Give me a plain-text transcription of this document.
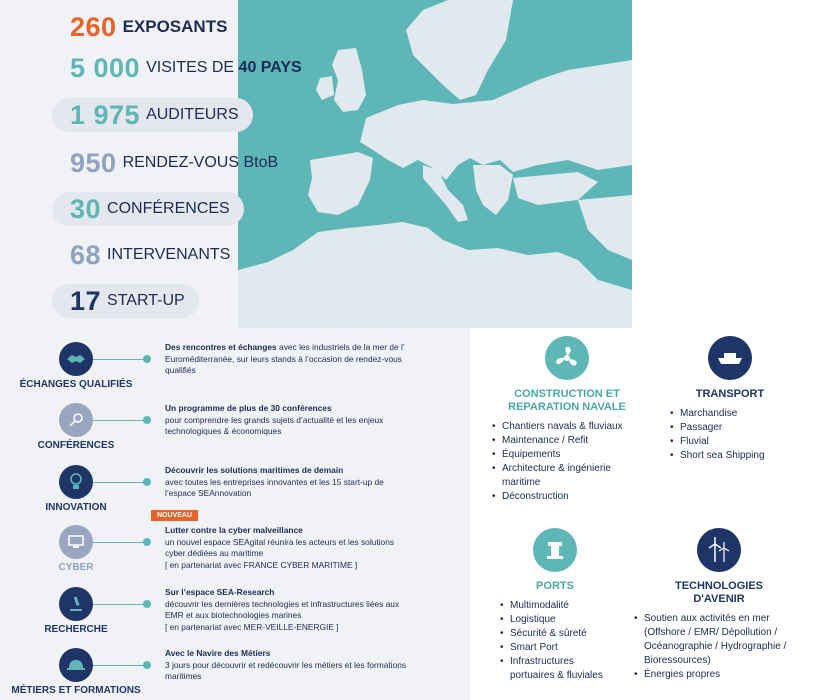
260 EXPOSANTS
5 000 VISITES DE 40 PAYS
1 975 AUDITEURS
950 RENDEZ-VOUS BtoB
30 CONFÉRENCES
68 INTERVENANTS
17 START-UP
ÉCHANGES QUALIFIÉS
Des rencontres et échanges avec les industriels de la mer de l’ Euroméditerranée, sur leurs stands à l’occasion de rendez-vous qualifiés
CONFÉRENCES
Un programme de plus de 30 conférences
pour comprendre les grands sujets d’actualité et les enjeux technologiques & économiques
INNOVATION
Découvrir les solutions maritimes de demain
avec toutes les entreprises innovantes et les 15 start-up de l’espace SEAnnovation
NOUVEAU
CYBER
Lutter contre la cyber malveillance
un nouvel espace SEAgital réunira les acteurs et les solutions cyber dédiées au maritime
[ en partenariat avec FRANCE CYBER MARITIME ]
RECHERCHE
Sur l’espace SEA-Research
découvrir les dernières technologies et infrastructures liées aux EMR et aux biotechnologies marines
[ en partenariat avec MER-VEILLE-ENERGIE ]
MÉTIERS ET FORMATIONS
Avec le Navire des Métiers
3 jours pour découvrir et redécouvrir les métiers et les formations maritimes
CONSTRUCTION ET
REPARATION NAVALE
• Chantiers navals & fluviaux
• Maintenance / Refit
• Équipements
• Architecture & ingénierie maritime
• Déconstruction
TRANSPORT
• Marchandise
• Passager
• Fluvial
• Short sea Shipping
PORTS
• Multimodalité
• Logistique
• Sécurité & sûreté
• Smart Port
• Infrastructures portuaires & fluviales
TECHNOLOGIES
D'AVENIR
• Soutien aux activités en mer (Offshore / EMR/ Dépollution / Océanographie / Hydrographie / Bioressources)
• Énergies propres
